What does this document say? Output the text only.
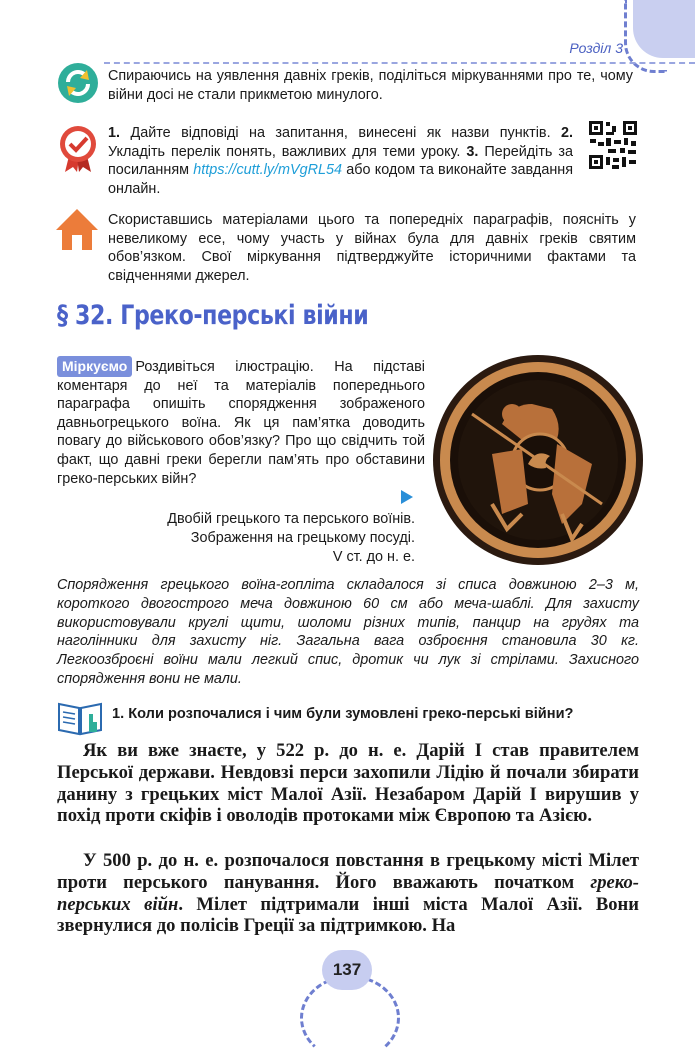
Розділ 3
Спираючись на уявлення давніх греків, поділіться міркуваннями про те, чому війни досі не стали прикметою минулого.
1. Дайте відповіді на запитання, винесені як назви пунктів. 2. Укладіть перелік понять, важливих для теми уроку. 3. Перейдіть за посиланням https://cutt.ly/mVgRL54 або кодом та виконайте завдання онлайн.
Скориставшись матеріалами цього та попередніх параграфів, поясніть у невеликому есе, чому участь у війнах була для давніх греків святим обов’язком. Свої міркування підтверджуйте історичними фактами та свідченнями джерел.
§ 32. Греко-перські війни
Міркуємо Роздивіться ілюстрацію. На підставі коментаря до неї та матеріалів попереднього параграфа опишіть спорядження зображеного давньогрецького воїна. Як ця пам’ятка доводить повагу до військового обов’язку? Про що свідчить той факт, що давні греки берегли пам’ять про обставини греко-перських війн?
Двобій грецького та перського воїнів.
Зображення на грецькому посуді.
V ст. до н. е.
Спорядження грецького воїна-гопліта складалося зі списа довжиною 2–3 м, короткого двогострого меча довжиною 60 см або меча-шаблі. Для захисту використовували круглі щити, шоломи різних типів, панцир на грудях та наголінники для захисту ніг. Загальна вага озброєння становила 30 кг. Легкоозброєні воїни мали легкий спис, дротик чи лук зі стрілами. Захисного спорядження вони не мали.
1. Коли розпочалися і чим були зумовлені греко-перські війни?
Як ви вже знаєте, у 522 р. до н. е. Дарій I став правителем Перської держави. Невдовзі перси захопили Лідію й почали збирати данину з грецьких міст Малої Азії. Незабаром Дарій I вирушив у похід проти скіфів і оволодів протоками між Європою та Азією.
У 500 р. до н. е. розпочалося повстання в грецькому місті Мілет проти перського панування. Його вважають початком греко-перських війн. Мілет підтримали інші міста Малої Азії. Вони звернулися до полісів Греції за підтримкою. На
137
